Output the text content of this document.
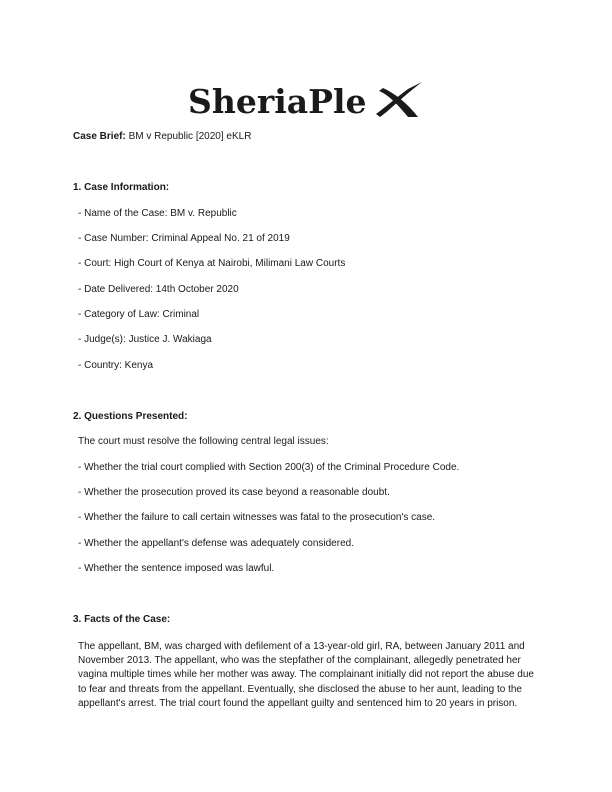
SheriaPle
Case Brief: BM v Republic [2020] eKLR
1. Case Information:
- Name of the Case: BM v. Republic
- Case Number: Criminal Appeal No. 21 of 2019
- Court: High Court of Kenya at Nairobi, Milimani Law Courts
- Date Delivered: 14th October 2020
- Category of Law: Criminal
- Judge(s): Justice J. Wakiaga
- Country: Kenya
2. Questions Presented:
The court must resolve the following central legal issues:
- Whether the trial court complied with Section 200(3) of the Criminal Procedure Code.
- Whether the prosecution proved its case beyond a reasonable doubt.
- Whether the failure to call certain witnesses was fatal to the prosecution's case.
- Whether the appellant's defense was adequately considered.
- Whether the sentence imposed was lawful.
3. Facts of the Case:
The appellant, BM, was charged with defilement of a 13-year-old girl, RA, between January 2011 and
November 2013. The appellant, who was the stepfather of the complainant, allegedly penetrated her
vagina multiple times while her mother was away. The complainant initially did not report the abuse due
to fear and threats from the appellant. Eventually, she disclosed the abuse to her aunt, leading to the
appellant's arrest. The trial court found the appellant guilty and sentenced him to 20 years in prison.
